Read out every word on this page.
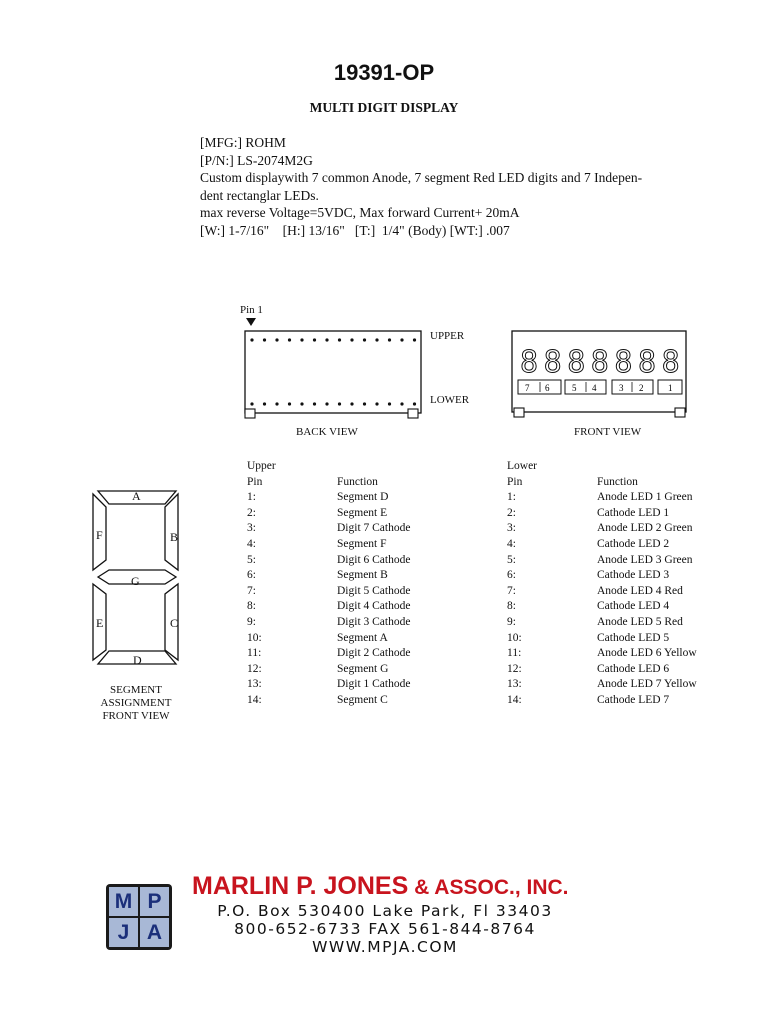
19391-OP
MULTI DIGIT DISPLAY
[MFG:] ROHM
[P/N:] LS-2074M2G
Custom displaywith 7 common Anode, 7 segment Red LED digits and 7 Indepen-
dent rectanglar LEDs.
max reverse Voltage=5VDC, Max forward Current+ 20mA
[W:] 1-7/16"    [H:] 13/16"   [T:]  1/4" (Body) [WT:] .007
Pin 1
UPPER
LOWER
BACK VIEW
8 8 8 8 8 8 8
7 6	5 4	3 2	1
FRONT VIEW
A
B
F
G
C
E
D
SEGMENT
ASSIGNMENT
FRONT VIEW
Upper
Pin	Function
1:	Segment D
2:	Segment E
3:	Digit 7 Cathode
4:	Segment F
5:	Digit 6 Cathode
6:	Segment B
7:	Digit 5 Cathode
8:	Digit 4 Cathode
9:	Digit 3 Cathode
10:	Segment A
11:	Digit 2 Cathode
12:	Segment G
13:	Digit 1 Cathode
14:	Segment C
Lower
Pin	Function
1:	Anode LED 1 Green
2:	Cathode LED 1
3:	Anode LED 2 Green
4:	Cathode LED 2
5:	Anode LED 3 Green
6:	Cathode LED 3
7:	Anode LED 4 Red
8:	Cathode LED 4
9:	Anode LED 5 Red
10:	Cathode LED 5
11:	Anode LED 6 Yellow
12:	Cathode LED 6
13:	Anode LED 7 Yellow
14:	Cathode LED 7
M P
J A
MARLIN P. JONES & ASSOC., INC.
P.O. Box 530400 Lake Park, Fl 33403
800-652-6733 FAX 561-844-8764
WWW.MPJA.COM
